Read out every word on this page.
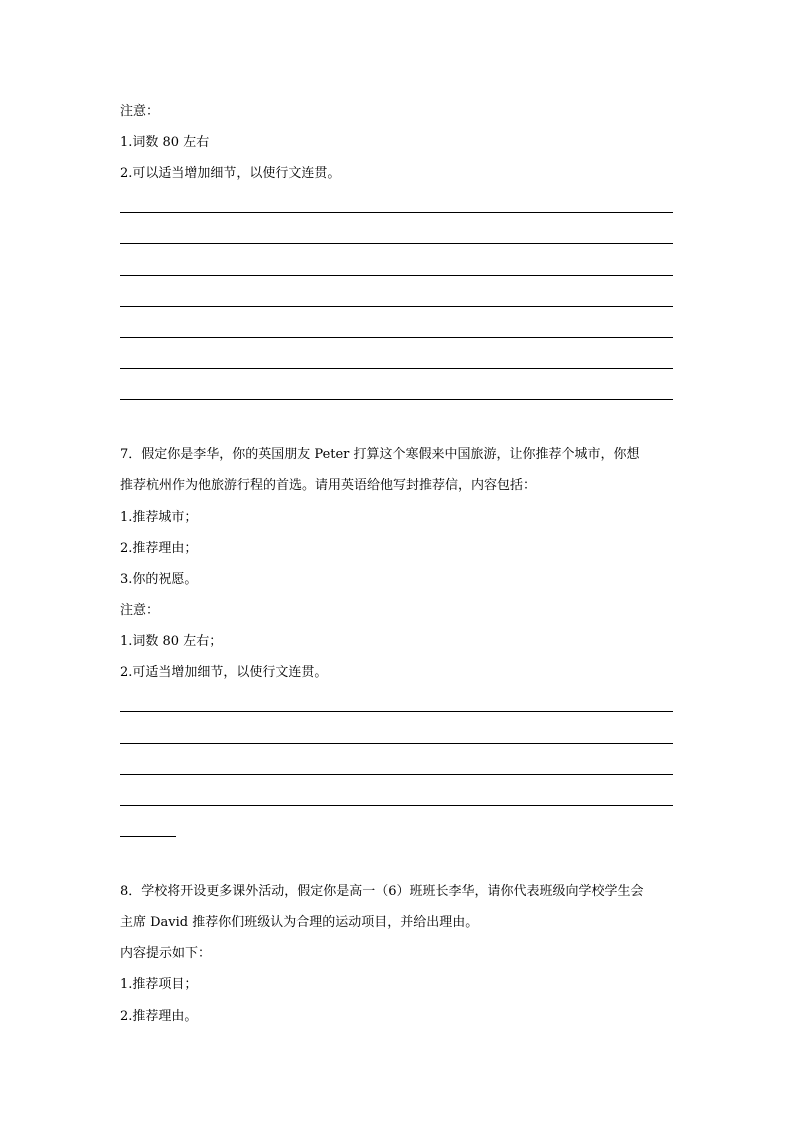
注意：
1.词数 80 左右
2.可以适当增加细节，以使行文连贯。
7．假定你是李华，你的英国朋友 Peter 打算这个寒假来中国旅游，让你推荐个城市，你想
推荐杭州作为他旅游行程的首选。请用英语给他写封推荐信，内容包括：
1.推荐城市；
2.推荐理由；
3.你的祝愿。
注意：
1.词数 80 左右；
2.可适当增加细节，以使行文连贯。
8．学校将开设更多课外活动，假定你是高一（6）班班长李华，请你代表班级向学校学生会
主席 David 推荐你们班级认为合理的运动项目，并给出理由。
内容提示如下：
1.推荐项目；
2.推荐理由。
